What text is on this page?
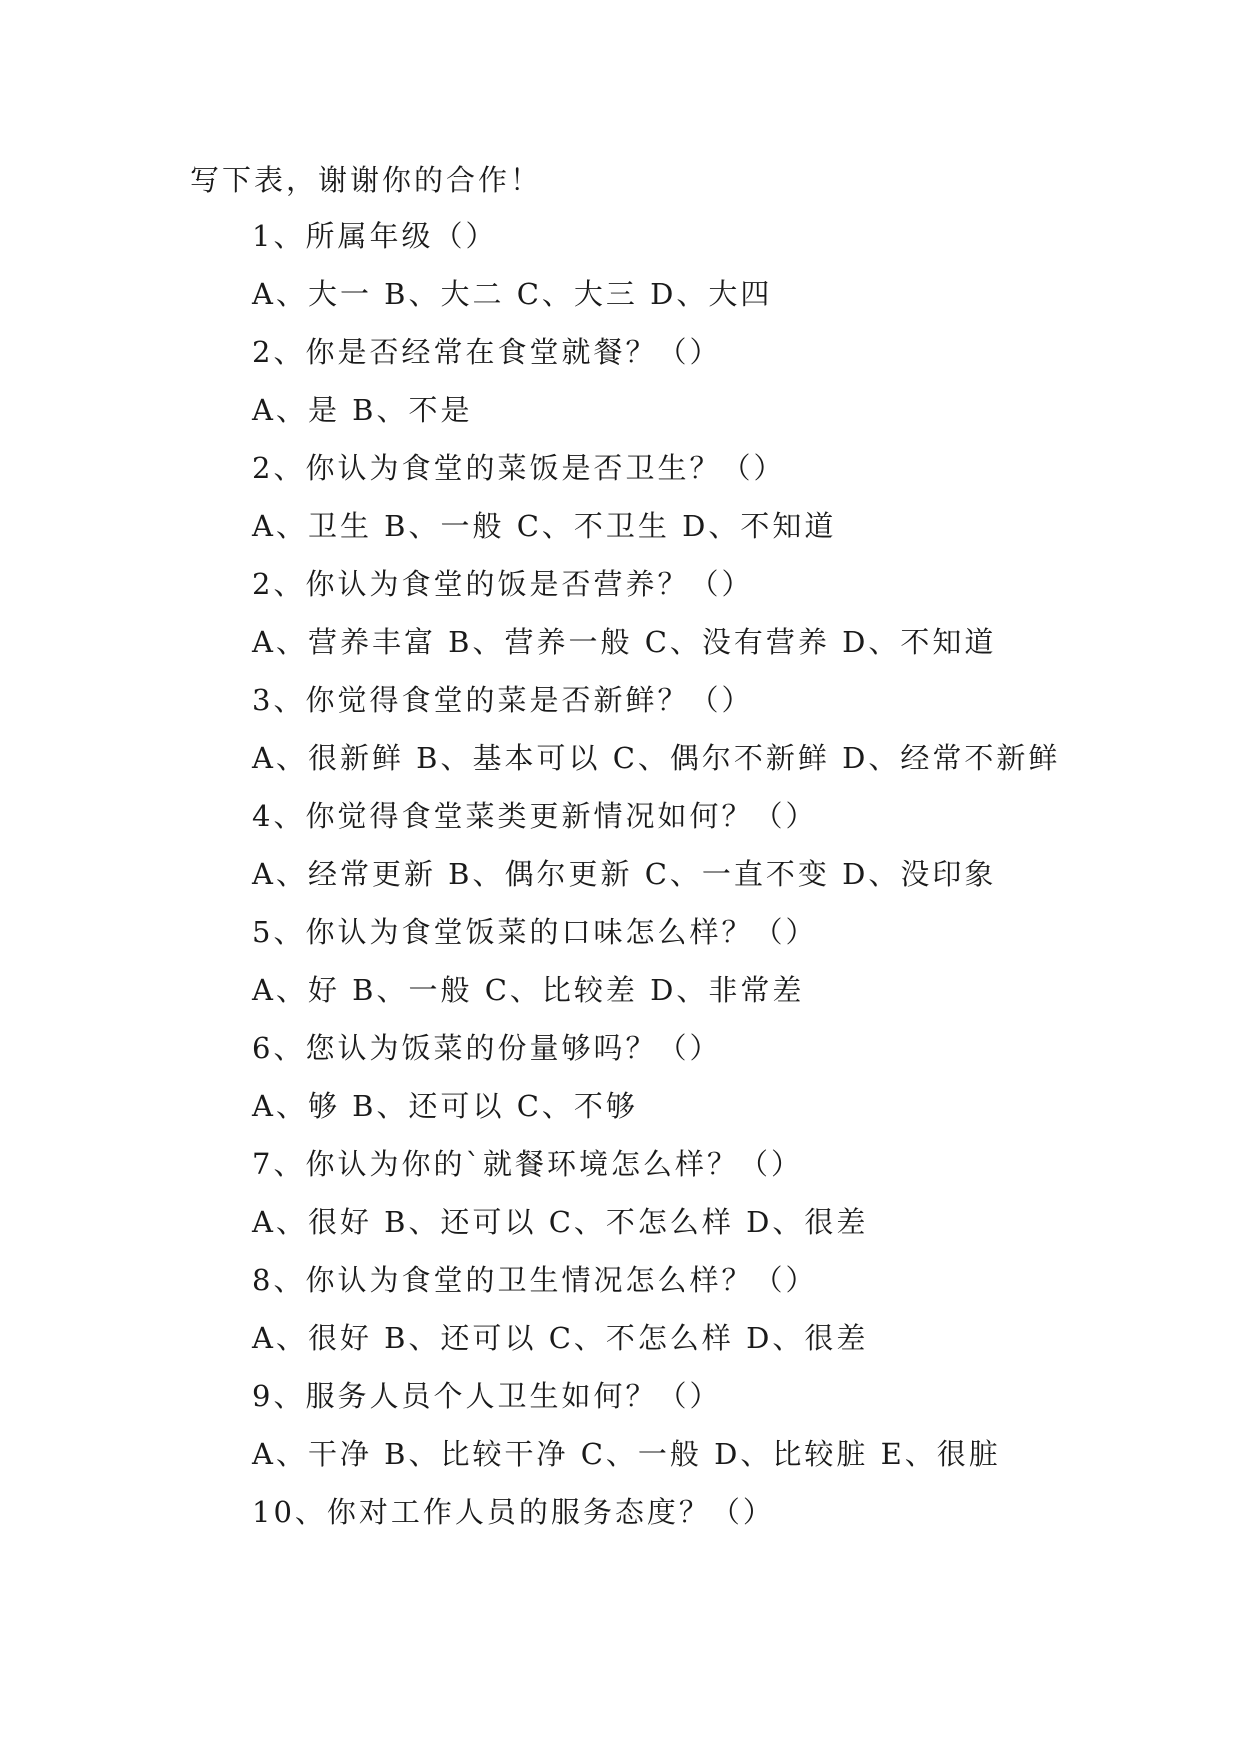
写下表，谢谢你的合作！
1、所属年级（）
A、大一 B、大二 C、大三 D、大四
2、你是否经常在食堂就餐？（）
A、是 B、不是
2、你认为食堂的菜饭是否卫生？（）
A、卫生 B、一般 C、不卫生 D、不知道
2、你认为食堂的饭是否营养？（）
A、营养丰富 B、营养一般 C、没有营养 D、不知道
3、你觉得食堂的菜是否新鲜？（）
A、很新鲜 B、基本可以 C、偶尔不新鲜 D、经常不新鲜
4、你觉得食堂菜类更新情况如何？（）
A、经常更新 B、偶尔更新 C、一直不变 D、没印象
5、你认为食堂饭菜的口味怎么样？（）
A、好 B、一般 C、比较差 D、非常差
6、您认为饭菜的份量够吗？（）
A、够 B、还可以 C、不够
7、你认为你的`就餐环境怎么样？（）
A、很好 B、还可以 C、不怎么样 D、很差
8、你认为食堂的卫生情况怎么样？（）
A、很好 B、还可以 C、不怎么样 D、很差
9、服务人员个人卫生如何？（）
A、干净 B、比较干净 C、一般 D、比较脏 E、很脏
10、你对工作人员的服务态度？（）
